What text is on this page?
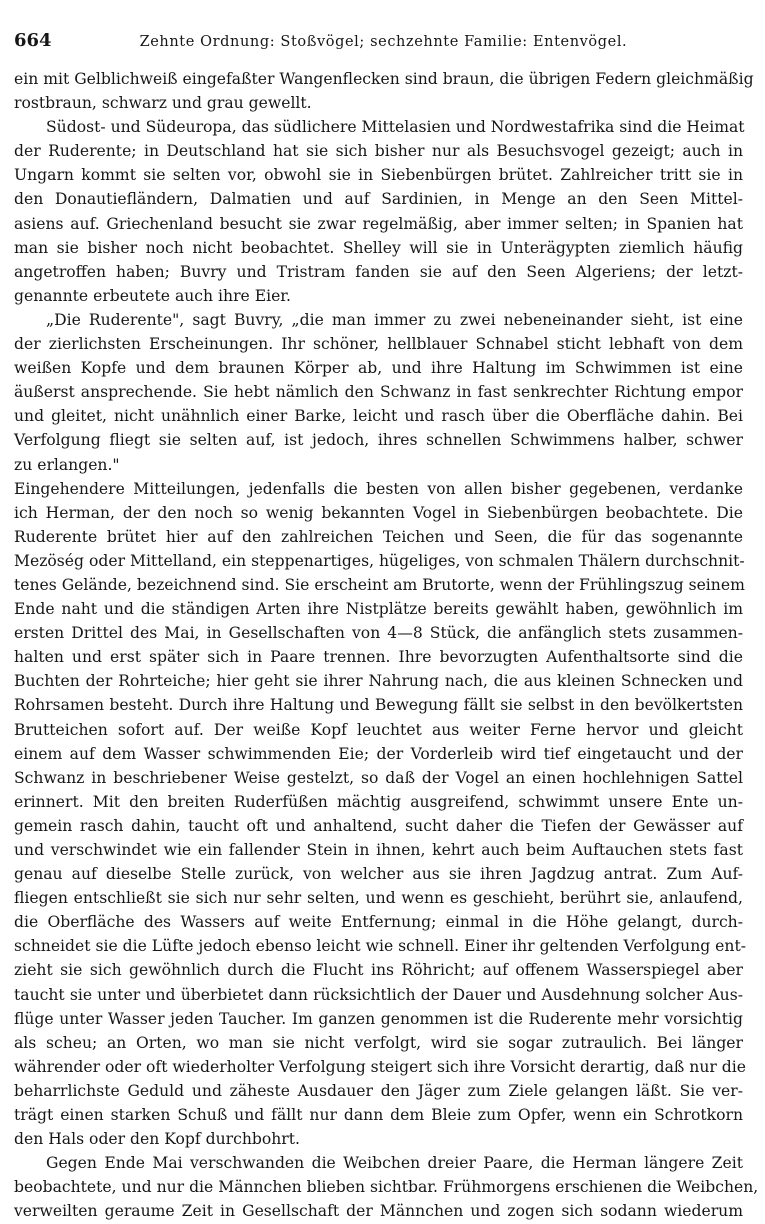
664	Zehnte Ordnung: Stoßvögel; sechzehnte Familie: Entenvögel.
ein mit Gelblichweiß eingefaßter Wangenflecken sind braun, die übrigen Federn gleichmäßig
rostbraun, schwarz und grau gewellt.
Südost- und Südeuropa, das südlichere Mittelasien und Nordwestafrika sind die Heimat
der Ruderente; in Deutschland hat sie sich bisher nur als Besuchsvogel gezeigt; auch in
Ungarn kommt sie selten vor, obwohl sie in Siebenbürgen brütet. Zahlreicher tritt sie in
den Donautiefländern, Dalmatien und auf Sardinien, in Menge an den Seen Mittel-
asiens auf. Griechenland besucht sie zwar regelmäßig, aber immer selten; in Spanien hat
man sie bisher noch nicht beobachtet. Shelley will sie in Unterägypten ziemlich häufig
angetroffen haben; Buvry und Tristram fanden sie auf den Seen Algeriens; der letzt-
genannte erbeutete auch ihre Eier.
„Die Ruderente", sagt Buvry, „die man immer zu zwei nebeneinander sieht, ist eine
der zierlichsten Erscheinungen. Ihr schöner, hellblauer Schnabel sticht lebhaft von dem
weißen Kopfe und dem braunen Körper ab, und ihre Haltung im Schwimmen ist eine
äußerst ansprechende. Sie hebt nämlich den Schwanz in fast senkrechter Richtung empor
und gleitet, nicht unähnlich einer Barke, leicht und rasch über die Oberfläche dahin. Bei
Verfolgung fliegt sie selten auf, ist jedoch, ihres schnellen Schwimmens halber, schwer
zu erlangen."
Eingehendere Mitteilungen, jedenfalls die besten von allen bisher gegebenen, verdanke
ich Herman, der den noch so wenig bekannten Vogel in Siebenbürgen beobachtete. Die
Ruderente brütet hier auf den zahlreichen Teichen und Seen, die für das sogenannte
Mezöség oder Mittelland, ein steppenartiges, hügeliges, von schmalen Thälern durchschnit-
tenes Gelände, bezeichnend sind. Sie erscheint am Brutorte, wenn der Frühlingszug seinem
Ende naht und die ständigen Arten ihre Nistplätze bereits gewählt haben, gewöhnlich im
ersten Drittel des Mai, in Gesellschaften von 4—8 Stück, die anfänglich stets zusammen-
halten und erst später sich in Paare trennen. Ihre bevorzugten Aufenthaltsorte sind die
Buchten der Rohrteiche; hier geht sie ihrer Nahrung nach, die aus kleinen Schnecken und
Rohrsamen besteht. Durch ihre Haltung und Bewegung fällt sie selbst in den bevölkertsten
Brutteichen sofort auf. Der weiße Kopf leuchtet aus weiter Ferne hervor und gleicht
einem auf dem Wasser schwimmenden Eie; der Vorderleib wird tief eingetaucht und der
Schwanz in beschriebener Weise gestelzt, so daß der Vogel an einen hochlehnigen Sattel
erinnert. Mit den breiten Ruderfüßen mächtig ausgreifend, schwimmt unsere Ente un-
gemein rasch dahin, taucht oft und anhaltend, sucht daher die Tiefen der Gewässer auf
und verschwindet wie ein fallender Stein in ihnen, kehrt auch beim Auftauchen stets fast
genau auf dieselbe Stelle zurück, von welcher aus sie ihren Jagdzug antrat. Zum Auf-
fliegen entschließt sie sich nur sehr selten, und wenn es geschieht, berührt sie, anlaufend,
die Oberfläche des Wassers auf weite Entfernung; einmal in die Höhe gelangt, durch-
schneidet sie die Lüfte jedoch ebenso leicht wie schnell. Einer ihr geltenden Verfolgung ent-
zieht sie sich gewöhnlich durch die Flucht ins Röhricht; auf offenem Wasserspiegel aber
taucht sie unter und überbietet dann rücksichtlich der Dauer und Ausdehnung solcher Aus-
flüge unter Wasser jeden Taucher. Im ganzen genommen ist die Ruderente mehr vorsichtig
als scheu; an Orten, wo man sie nicht verfolgt, wird sie sogar zutraulich. Bei länger
währender oder oft wiederholter Verfolgung steigert sich ihre Vorsicht derartig, daß nur die
beharrlichste Geduld und zäheste Ausdauer den Jäger zum Ziele gelangen läßt. Sie ver-
trägt einen starken Schuß und fällt nur dann dem Bleie zum Opfer, wenn ein Schrotkorn
den Hals oder den Kopf durchbohrt.
Gegen Ende Mai verschwanden die Weibchen dreier Paare, die Herman längere Zeit
beobachtete, und nur die Männchen blieben sichtbar. Frühmorgens erschienen die Weibchen,
verweilten geraume Zeit in Gesellschaft der Männchen und zogen sich sodann wiederum
